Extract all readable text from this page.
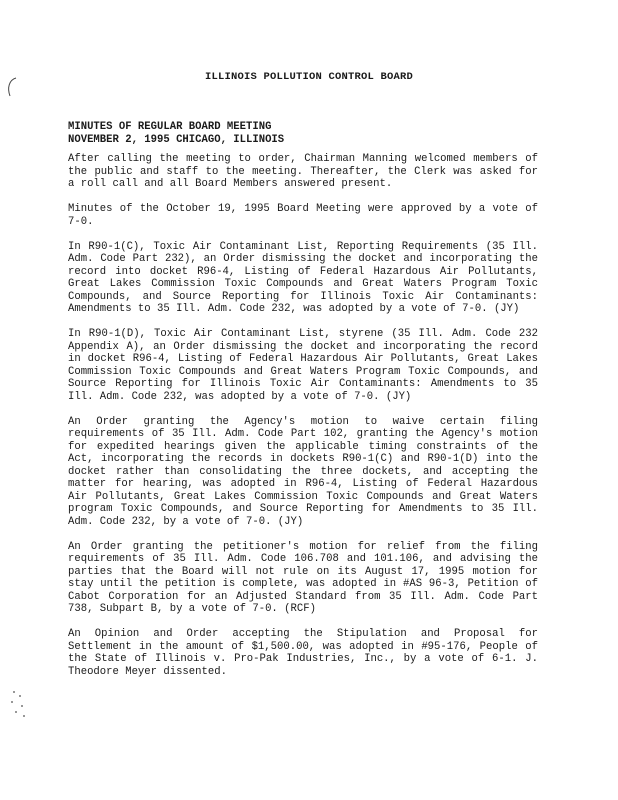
ILLINOIS POLLUTION CONTROL BOARD

MINUTES OF REGULAR BOARD MEETING

NOVEMBER 2, 1995 CHICAGO, ILLINOIS

After calling the meeting to order, Chairman Manning welcomed members of the public and staff to the meeting. Thereafter, the Clerk was asked for a roll call and all Board Members answered present.

Minutes of the October 19, 1995 Board Meeting were approved by a vote of 7-0.

In R90-1(C), Toxic Air Contaminant List, Reporting Requirements (35 Ill. Adm. Code Part 232), an Order dismissing the docket and incorporating the record into docket R96-4, Listing of Federal Hazardous Air Pollutants, Great Lakes Commission Toxic Compounds and Great Waters Program Toxic Compounds, and Source Reporting for Illinois Toxic Air Contaminants: Amendments to 35 Ill. Adm. Code 232, was adopted by a vote of 7-0. (JY)

In R90-1(D), Toxic Air Contaminant List, styrene (35 Ill. Adm. Code 232 Appendix A), an Order dismissing the docket and incorporating the record in docket R96-4, Listing of Federal Hazardous Air Pollutants, Great Lakes Commission Toxic Compounds and Great Waters Program Toxic Compounds, and Source Reporting for Illinois Toxic Air Contaminants: Amendments to 35 Ill. Adm. Code 232, was adopted by a vote of 7-0. (JY)

An Order granting the Agency's motion to waive certain filing requirements of 35 Ill. Adm. Code Part 102, granting the Agency's motion for expedited hearings given the applicable timing constraints of the Act, incorporating the records in dockets R90-1(C) and R90-1(D) into the docket rather than consolidating the three dockets, and accepting the matter for hearing, was adopted in R96-4, Listing of Federal Hazardous Air Pollutants, Great Lakes Commission Toxic Compounds and Great Waters program Toxic Compounds, and Source Reporting for Amendments to 35 Ill. Adm. Code 232, by a vote of 7-0. (JY)

An Order granting the petitioner's motion for relief from the filing requirements of 35 Ill. Adm. Code 106.708 and 101.106, and advising the parties that the Board will not rule on its August 17, 1995 motion for stay until the petition is complete, was adopted in #AS 96-3, Petition of Cabot Corporation for an Adjusted Standard from 35 Ill. Adm. Code Part 738, Subpart B, by a vote of 7-0. (RCF)

An Opinion and Order accepting the Stipulation and Proposal for Settlement in the amount of $1,500.00, was adopted in #95-176, People of the State of Illinois v. Pro-Pak Industries, Inc., by a vote of 6-1. J. Theodore Meyer dissented.
